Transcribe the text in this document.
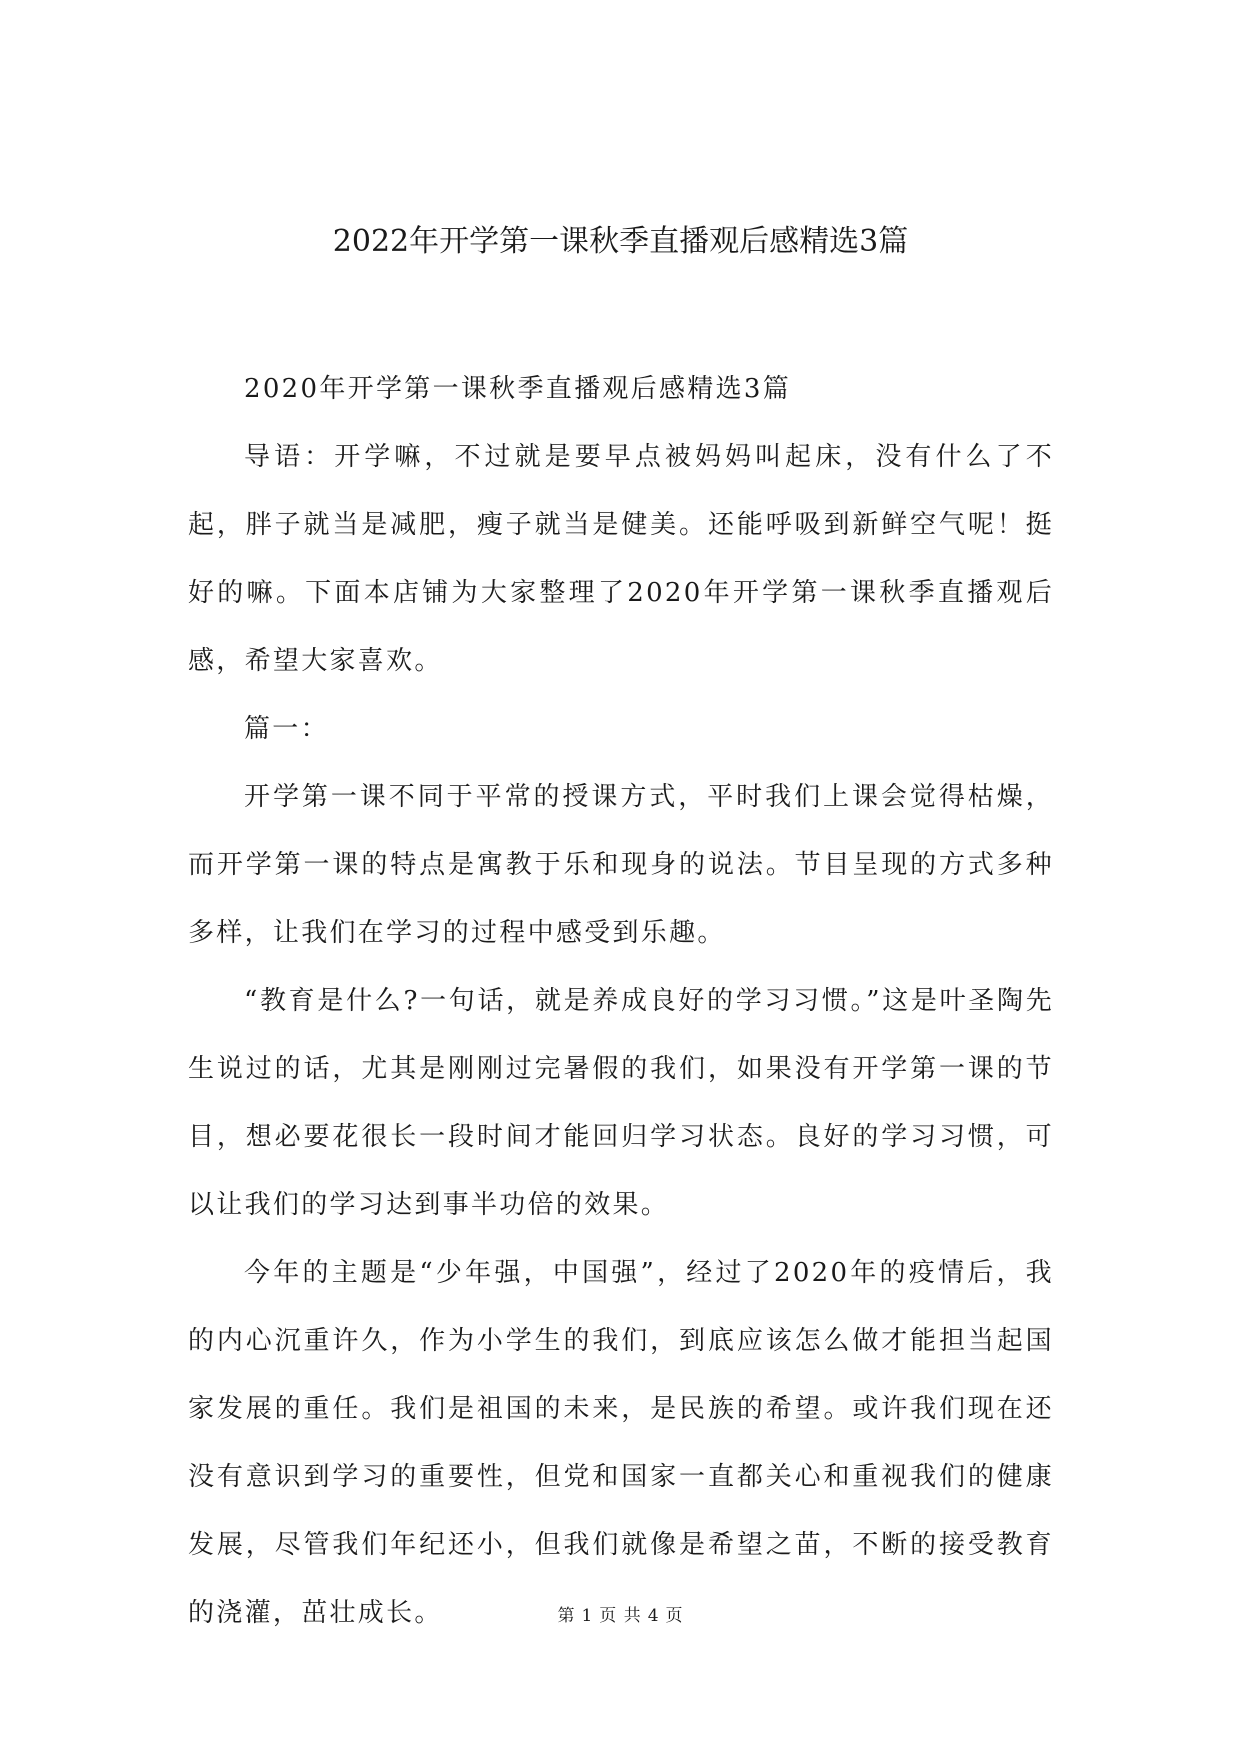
2022年开学第一课秋季直播观后感精选3篇

2020年开学第一课秋季直播观后感精选3篇

导语：开学嘛，不过就是要早点被妈妈叫起床，没有什么了不起，胖子就当是减肥，瘦子就当是健美。还能呼吸到新鲜空气呢！挺好的嘛。下面本店铺为大家整理了2020年开学第一课秋季直播观后感，希望大家喜欢。

篇一：

开学第一课不同于平常的授课方式，平时我们上课会觉得枯燥，而开学第一课的特点是寓教于乐和现身的说法。节目呈现的方式多种多样，让我们在学习的过程中感受到乐趣。

“教育是什么?一句话，就是养成良好的学习习惯。”这是叶圣陶先生说过的话，尤其是刚刚过完暑假的我们，如果没有开学第一课的节目，想必要花很长一段时间才能回归学习状态。良好的学习习惯，可以让我们的学习达到事半功倍的效果。

今年的主题是“少年强，中国强”，经过了2020年的疫情后，我的内心沉重许久，作为小学生的我们，到底应该怎么做才能担当起国家发展的重任。我们是祖国的未来，是民族的希望。或许我们现在还没有意识到学习的重要性，但党和国家一直都关心和重视我们的健康发展，尽管我们年纪还小，但我们就像是希望之苗，不断的接受教育的浇灌，茁壮成长。	第 1 页 共 4 页
